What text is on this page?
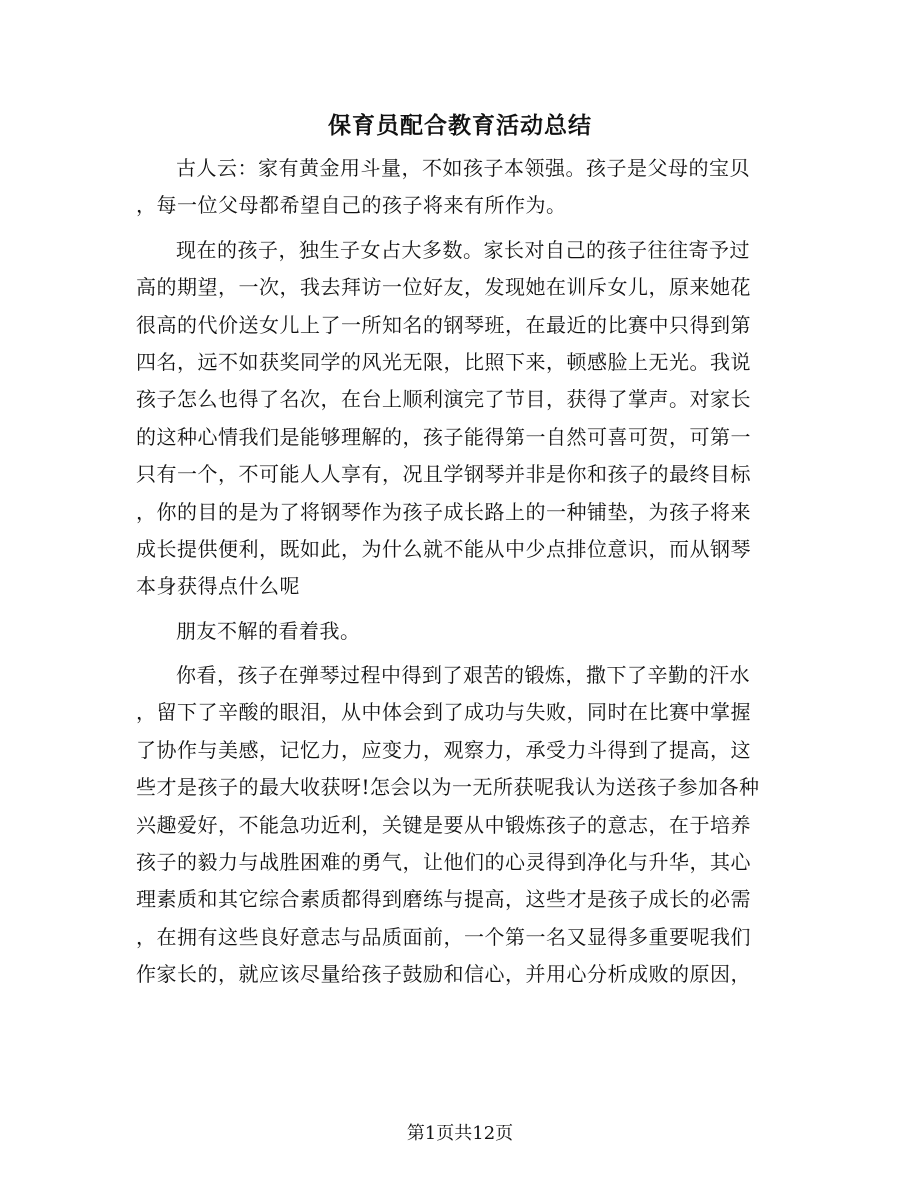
保育员配合教育活动总结
古人云：家有黄金用斗量，不如孩子本领强。孩子是父母的宝贝
，每一位父母都希望自己的孩子将来有所作为。
现在的孩子，独生子女占大多数。家长对自己的孩子往往寄予过
高的期望，一次，我去拜访一位好友，发现她在训斥女儿，原来她花
很高的代价送女儿上了一所知名的钢琴班，在最近的比赛中只得到第
四名，远不如获奖同学的风光无限，比照下来，顿感脸上无光。我说
孩子怎么也得了名次，在台上顺利演完了节目，获得了掌声。对家长
的这种心情我们是能够理解的，孩子能得第一自然可喜可贺，可第一
只有一个，不可能人人享有，况且学钢琴并非是你和孩子的最终目标
，你的目的是为了将钢琴作为孩子成长路上的一种铺垫，为孩子将来
成长提供便利，既如此，为什么就不能从中少点排位意识，而从钢琴
本身获得点什么呢
朋友不解的看着我。
你看，孩子在弹琴过程中得到了艰苦的锻炼，撒下了辛勤的汗水
，留下了辛酸的眼泪，从中体会到了成功与失败，同时在比赛中掌握
了协作与美感，记忆力，应变力，观察力，承受力斗得到了提高，这
些才是孩子的最大收获呀!怎会以为一无所获呢我认为送孩子参加各种
兴趣爱好，不能急功近利，关键是要从中锻炼孩子的意志，在于培养
孩子的毅力与战胜困难的勇气，让他们的心灵得到净化与升华，其心
理素质和其它综合素质都得到磨练与提高，这些才是孩子成长的必需
，在拥有这些良好意志与品质面前，一个第一名又显得多重要呢我们
作家长的，就应该尽量给孩子鼓励和信心，并用心分析成败的原因，
第1页共12页
